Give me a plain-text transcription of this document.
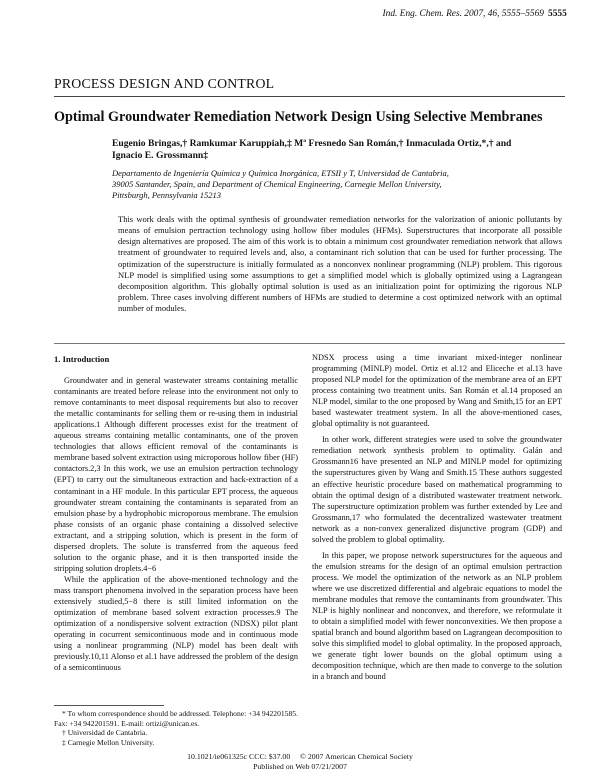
Ind. Eng. Chem. Res. 2007, 46, 5555–5569 5555
PROCESS DESIGN AND CONTROL
Optimal Groundwater Remediation Network Design Using Selective Membranes
Eugenio Bringas,† Ramkumar Karuppiah,‡ Mª Fresnedo San Román,† Inmaculada Ortiz,*,† and
Ignacio E. Grossmann‡
Departamento de Ingeniería Química y Química Inorgánica, ETSII y T, Universidad de Cantabria,
39005 Santander, Spain, and Department of Chemical Engineering, Carnegie Mellon University,
Pittsburgh, Pennsylvania 15213
This work deals with the optimal synthesis of groundwater remediation networks for the valorization of anionic pollutants by means of emulsion pertraction technology using hollow fiber modules (HFMs). Superstructures that incorporate all possible design alternatives are proposed. The aim of this work is to obtain a minimum cost groundwater remediation network that allows treatment of groundwater to required levels and, also, a contaminant rich solution that can be used for further processing. The optimization of the superstructure is initially formulated as a nonconvex nonlinear programming (NLP) problem. This rigorous NLP model is simplified using some assumptions to get a simplified model which is globally optimized using a Lagrangean decomposition algorithm. This globally optimal solution is used as an initialization point for optimizing the rigorous NLP problem. Three cases involving different numbers of HFMs are studied to determine a cost optimized network with an optimal number of modules.
1. Introduction

Groundwater and in general wastewater streams containing metallic contaminants are treated before release into the environment not only to remove contaminants to meet disposal requirements but also to recover the metallic contaminants for selling them or re-using them in industrial applications.1 Although different processes exist for the treatment of aqueous streams containing metallic contaminants, one of the proven technologies that allows efficient removal of the contaminants is membrane based solvent extraction using microporous hollow fiber (HF) contactors.2,3 In this work, we use an emulsion pertraction technology (EPT) to carry out the simultaneous extraction and back-extraction of a contaminant in a HF module. In this particular EPT process, the aqueous groundwater stream containing the contaminants is separated from an emulsion phase by a hydrophobic microporous membrane. The emulsion phase consists of an organic phase containing a dissolved selective extractant, and a stripping solution, which is present in the form of dispersed droplets. The solute is transferred from the aqueous feed solution to the organic phase, and it is then transported inside the stripping solution droplets.4−6

While the application of the above-mentioned technology and the mass transport phenomena involved in the separation process have been extensively studied,5−8 there is still limited information on the optimization of membrane based solvent extraction processes.9 The optimization of a nondispersive solvent extraction (NDSX) pilot plant operating in cocurrent semicontinuous mode and in continuous mode using a nonlinear programming (NLP) model has been dealt with previously.10,11 Alonso et al.1 have addressed the problem of the design of a semicontinuous

NDSX process using a time invariant mixed-integer nonlinear programming (MINLP) model. Ortiz et al.12 and Eliceche et al.13 have proposed NLP model for the optimization of the membrane area of an EPT process containing two treatment units. San Román et al.14 proposed an NLP model, similar to the one proposed by Wang and Smith,15 for an EPT based wastewater treatment system. In all the above-mentioned cases, global optimality is not guaranteed.

In other work, different strategies were used to solve the groundwater remediation network synthesis problem to optimality. Galán and Grossmann16 have presented an NLP and MINLP model for optimizing the superstructures given by Wang and Smith.15 These authors suggested an effective heuristic procedure based on mathematical programming to obtain the optimal design of a distributed wastewater treatment network. The superstructure optimization problem was further extended by Lee and Grossmann,17 who formulated the decentralized wastewater treatment network as a non-convex generalized disjunctive program (GDP) and solved the problem to global optimality.

In this paper, we propose network superstructures for the aqueous and the emulsion streams for the design of an optimal emulsion pertraction process. We model the optimization of the network as an NLP problem where we use discretized differential and algebraic equations to model the membrane modules that remove the contaminants from groundwater. This NLP is highly nonlinear and nonconvex, and therefore, we reformulate it to obtain a simplified model with fewer nonconvexities. We then propose a spatial branch and bound algorithm based on Lagrangean decomposition to solve this simplified model to global optimality. In the proposed approach, we generate tight lower bounds on the global optimum using a decomposition technique, which are then made to converge to the solution in a branch and bound

* To whom correspondence should be addressed. Telephone: +34 942201585. Fax: +34 942201591. E-mail: ortizi@unican.es.
† Universidad de Cantabria.
‡ Carnegie Mellon University.
10.1021/ie061325c CCC: $37.00     © 2007 American Chemical Society
Published on Web 07/21/2007
